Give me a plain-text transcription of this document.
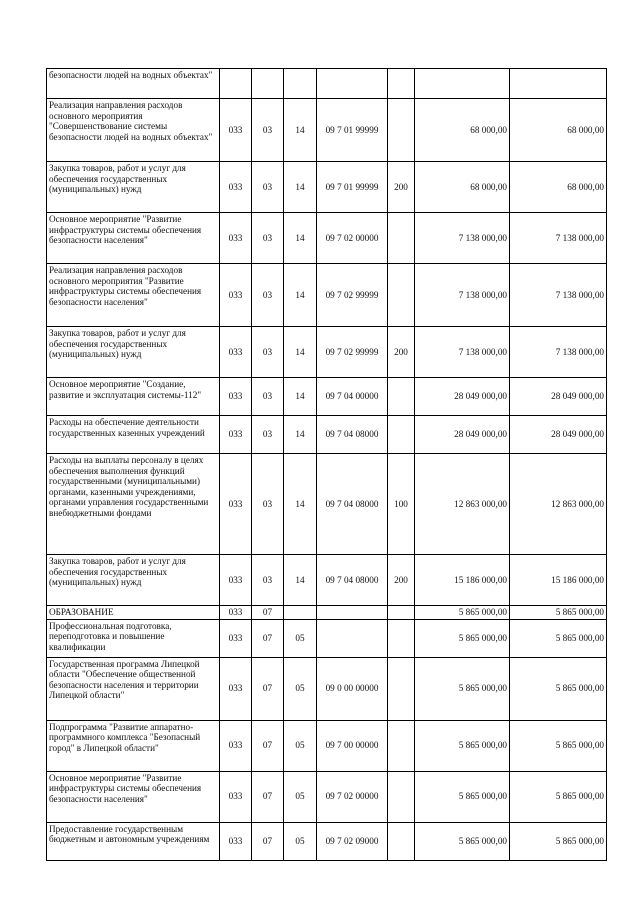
безопасности людей на водных объектах"							
Реализация направления расходов основного мероприятия "Совершенствование системы безопасности людей на водных объектах"	033	03	14	09 7 01 99999		68 000,00	68 000,00
Закупка товаров, работ и услуг для обеспечения государственных (муниципальных) нужд	033	03	14	09 7 01 99999	200	68 000,00	68 000,00
Основное мероприятие "Развитие инфраструктуры системы обеспечения безопасности населения"	033	03	14	09 7 02 00000		7 138 000,00	7 138 000,00
Реализация направления расходов основного мероприятия "Развитие инфраструктуры системы обеспечения безопасности населения"	033	03	14	09 7 02 99999		7 138 000,00	7 138 000,00
Закупка товаров, работ и услуг для обеспечения государственных (муниципальных) нужд	033	03	14	09 7 02 99999	200	7 138 000,00	7 138 000,00
Основное мероприятие "Создание, развитие и эксплуатация системы-112"	033	03	14	09 7 04 00000		28 049 000,00	28 049 000,00
Расходы на обеспечение деятельности государственных казенных учреждений	033	03	14	09 7 04 08000		28 049 000,00	28 049 000,00
Расходы на выплаты персоналу в целях обеспечения выполнения функций государственными (муниципальными) органами, казенными учреждениями, органами управления государственными внебюджетными фондами	033	03	14	09 7 04 08000	100	12 863 000,00	12 863 000,00
Закупка товаров, работ и услуг для обеспечения государственных (муниципальных) нужд	033	03	14	09 7 04 08000	200	15 186 000,00	15 186 000,00
ОБРАЗОВАНИЕ	033	07				5 865 000,00	5 865 000,00
Профессиональная подготовка, переподготовка и повышение квалификации	033	07	05			5 865 000,00	5 865 000,00
Государственная программа Липецкой области "Обеспечение общественной безопасности населения и территории Липецкой области"	033	07	05	09 0 00 00000		5 865 000,00	5 865 000,00
Подпрограмма "Развитие аппаратно-программного комплекса "Безопасный город" в Липецкой области"	033	07	05	09 7 00 00000		5 865 000,00	5 865 000,00
Основное мероприятие "Развитие инфраструктуры системы обеспечения безопасности населения"	033	07	05	09 7 02 00000		5 865 000,00	5 865 000,00
Предоставление государственным бюджетным и автономным учреждениям	033	07	05	09 7 02 09000		5 865 000,00	5 865 000,00
